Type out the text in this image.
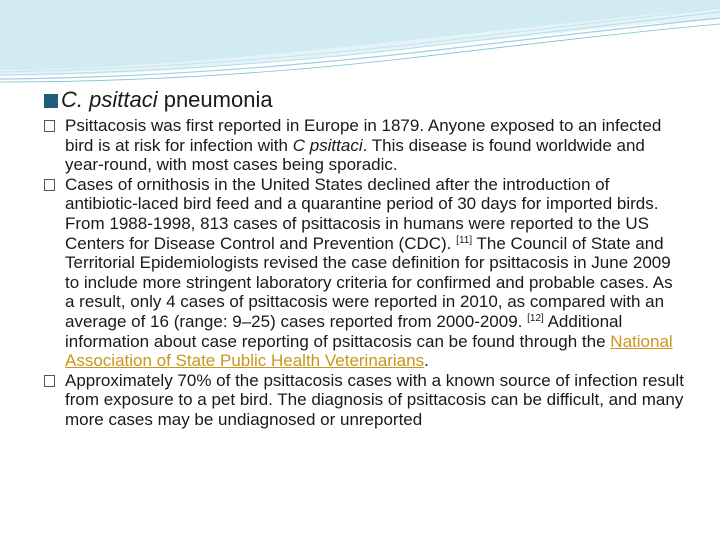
C. psittaci pneumonia

Psittacosis was first reported in Europe in 1879. Anyone exposed to an infected bird is at risk for infection with C psittaci. This disease is found worldwide and year-round, with most cases being sporadic.

Cases of ornithosis in the United States declined after the introduction of antibiotic-laced bird feed and a quarantine period of 30 days for imported birds. From 1988-1998, 813 cases of psittacosis in humans were reported to the US Centers for Disease Control and Prevention (CDC). [11] The Council of State and Territorial Epidemiologists revised the case definition for psittacosis in June 2009 to include more stringent laboratory criteria for confirmed and probable cases. As a result, only 4 cases of psittacosis were reported in 2010, as compared with an average of 16 (range: 9–25) cases reported from 2000-2009. [12] Additional information about case reporting of psittacosis can be found through the National Association of State Public Health Veterinarians.

Approximately 70% of the psittacosis cases with a known source of infection result from exposure to a pet bird. The diagnosis of psittacosis can be difficult, and many more cases may be undiagnosed or unreported
